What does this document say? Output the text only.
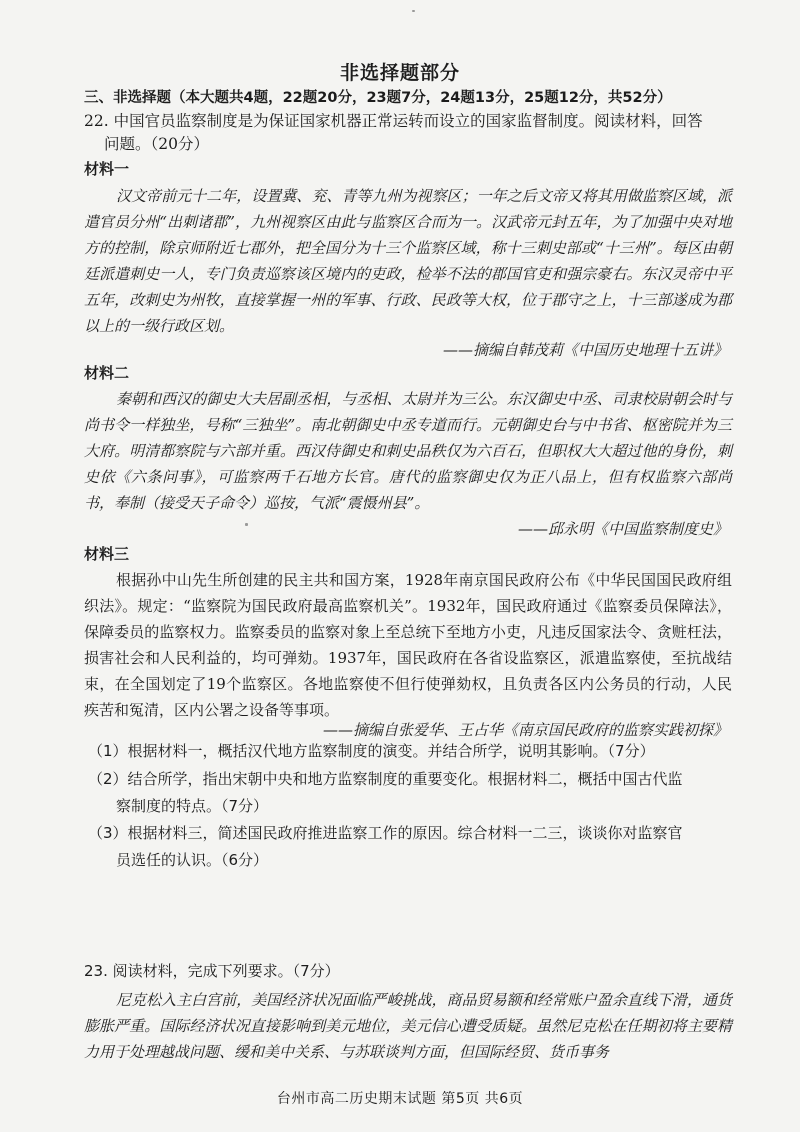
非选择题部分
三、非选择题（本大题共4题，22题20分，23题7分，24题13分，25题12分，共52分）
22. 中国官员监察制度是为保证国家机器正常运转而设立的国家监督制度。阅读材料，回答
问题。（20分）
材料一
汉文帝前元十二年，设置冀、兖、青等九州为视察区；一年之后文帝又将其用做监察区域，派遣官员分州“出刺诸郡”，九州视察区由此与监察区合而为一。汉武帝元封五年，为了加强中央对地方的控制，除京师附近七郡外，把全国分为十三个监察区域，称十三刺史部或“十三州”。每区由朝廷派遣刺史一人，专门负责巡察该区境内的吏政，检举不法的郡国官吏和强宗豪右。东汉灵帝中平五年，改刺史为州牧，直接掌握一州的军事、行政、民政等大权，位于郡守之上，十三部遂成为郡以上的一级行政区划。
——摘编自韩茂莉《中国历史地理十五讲》
材料二
秦朝和西汉的御史大夫居副丞相，与丞相、太尉并为三公。东汉御史中丞、司隶校尉朝会时与尚书令一样独坐，号称“三独坐”。南北朝御史中丞专道而行。元朝御史台与中书省、枢密院并为三大府。明清都察院与六部并重。西汉侍御史和刺史品秩仅为六百石，但职权大大超过他的身份，刺史依《六条问事》，可监察两千石地方长官。唐代的监察御史仅为正八品上，但有权监察六部尚书，奉制（接受天子命令）巡按，气派“震慑州县”。
——邱永明《中国监察制度史》
材料三
根据孙中山先生所创建的民主共和国方案，1928年南京国民政府公布《中华民国国民政府组织法》。规定：“监察院为国民政府最高监察机关”。1932年，国民政府通过《监察委员保障法》，保障委员的监察权力。监察委员的监察对象上至总统下至地方小吏，凡违反国家法令、贪赃枉法，损害社会和人民利益的，均可弹劾。1937年，国民政府在各省设监察区，派遣监察使，至抗战结束，在全国划定了19个监察区。各地监察使不但行使弹劾权，且负责各区内公务员的行动，人民疾苦和冤清，区内公署之设备等事项。
——摘编自张爱华、王占华《南京国民政府的监察实践初探》
（1）根据材料一，概括汉代地方监察制度的演变。并结合所学，说明其影响。（7分）
（2）结合所学，指出宋朝中央和地方监察制度的重要变化。根据材料二，概括中国古代监
察制度的特点。（7分）
（3）根据材料三，简述国民政府推进监察工作的原因。综合材料一二三，谈谈你对监察官
员选任的认识。（6分）
23. 阅读材料，完成下列要求。（7分）
尼克松入主白宫前，美国经济状况面临严峻挑战，商品贸易额和经常账户盈余直线下滑，通货膨胀严重。国际经济状况直接影响到美元地位，美元信心遭受质疑。虽然尼克松在任期初将主要精力用于处理越战问题、缓和美中关系、与苏联谈判方面，但国际经贸、货币事务
台州市高二历史期末试题 第5页 共6页
